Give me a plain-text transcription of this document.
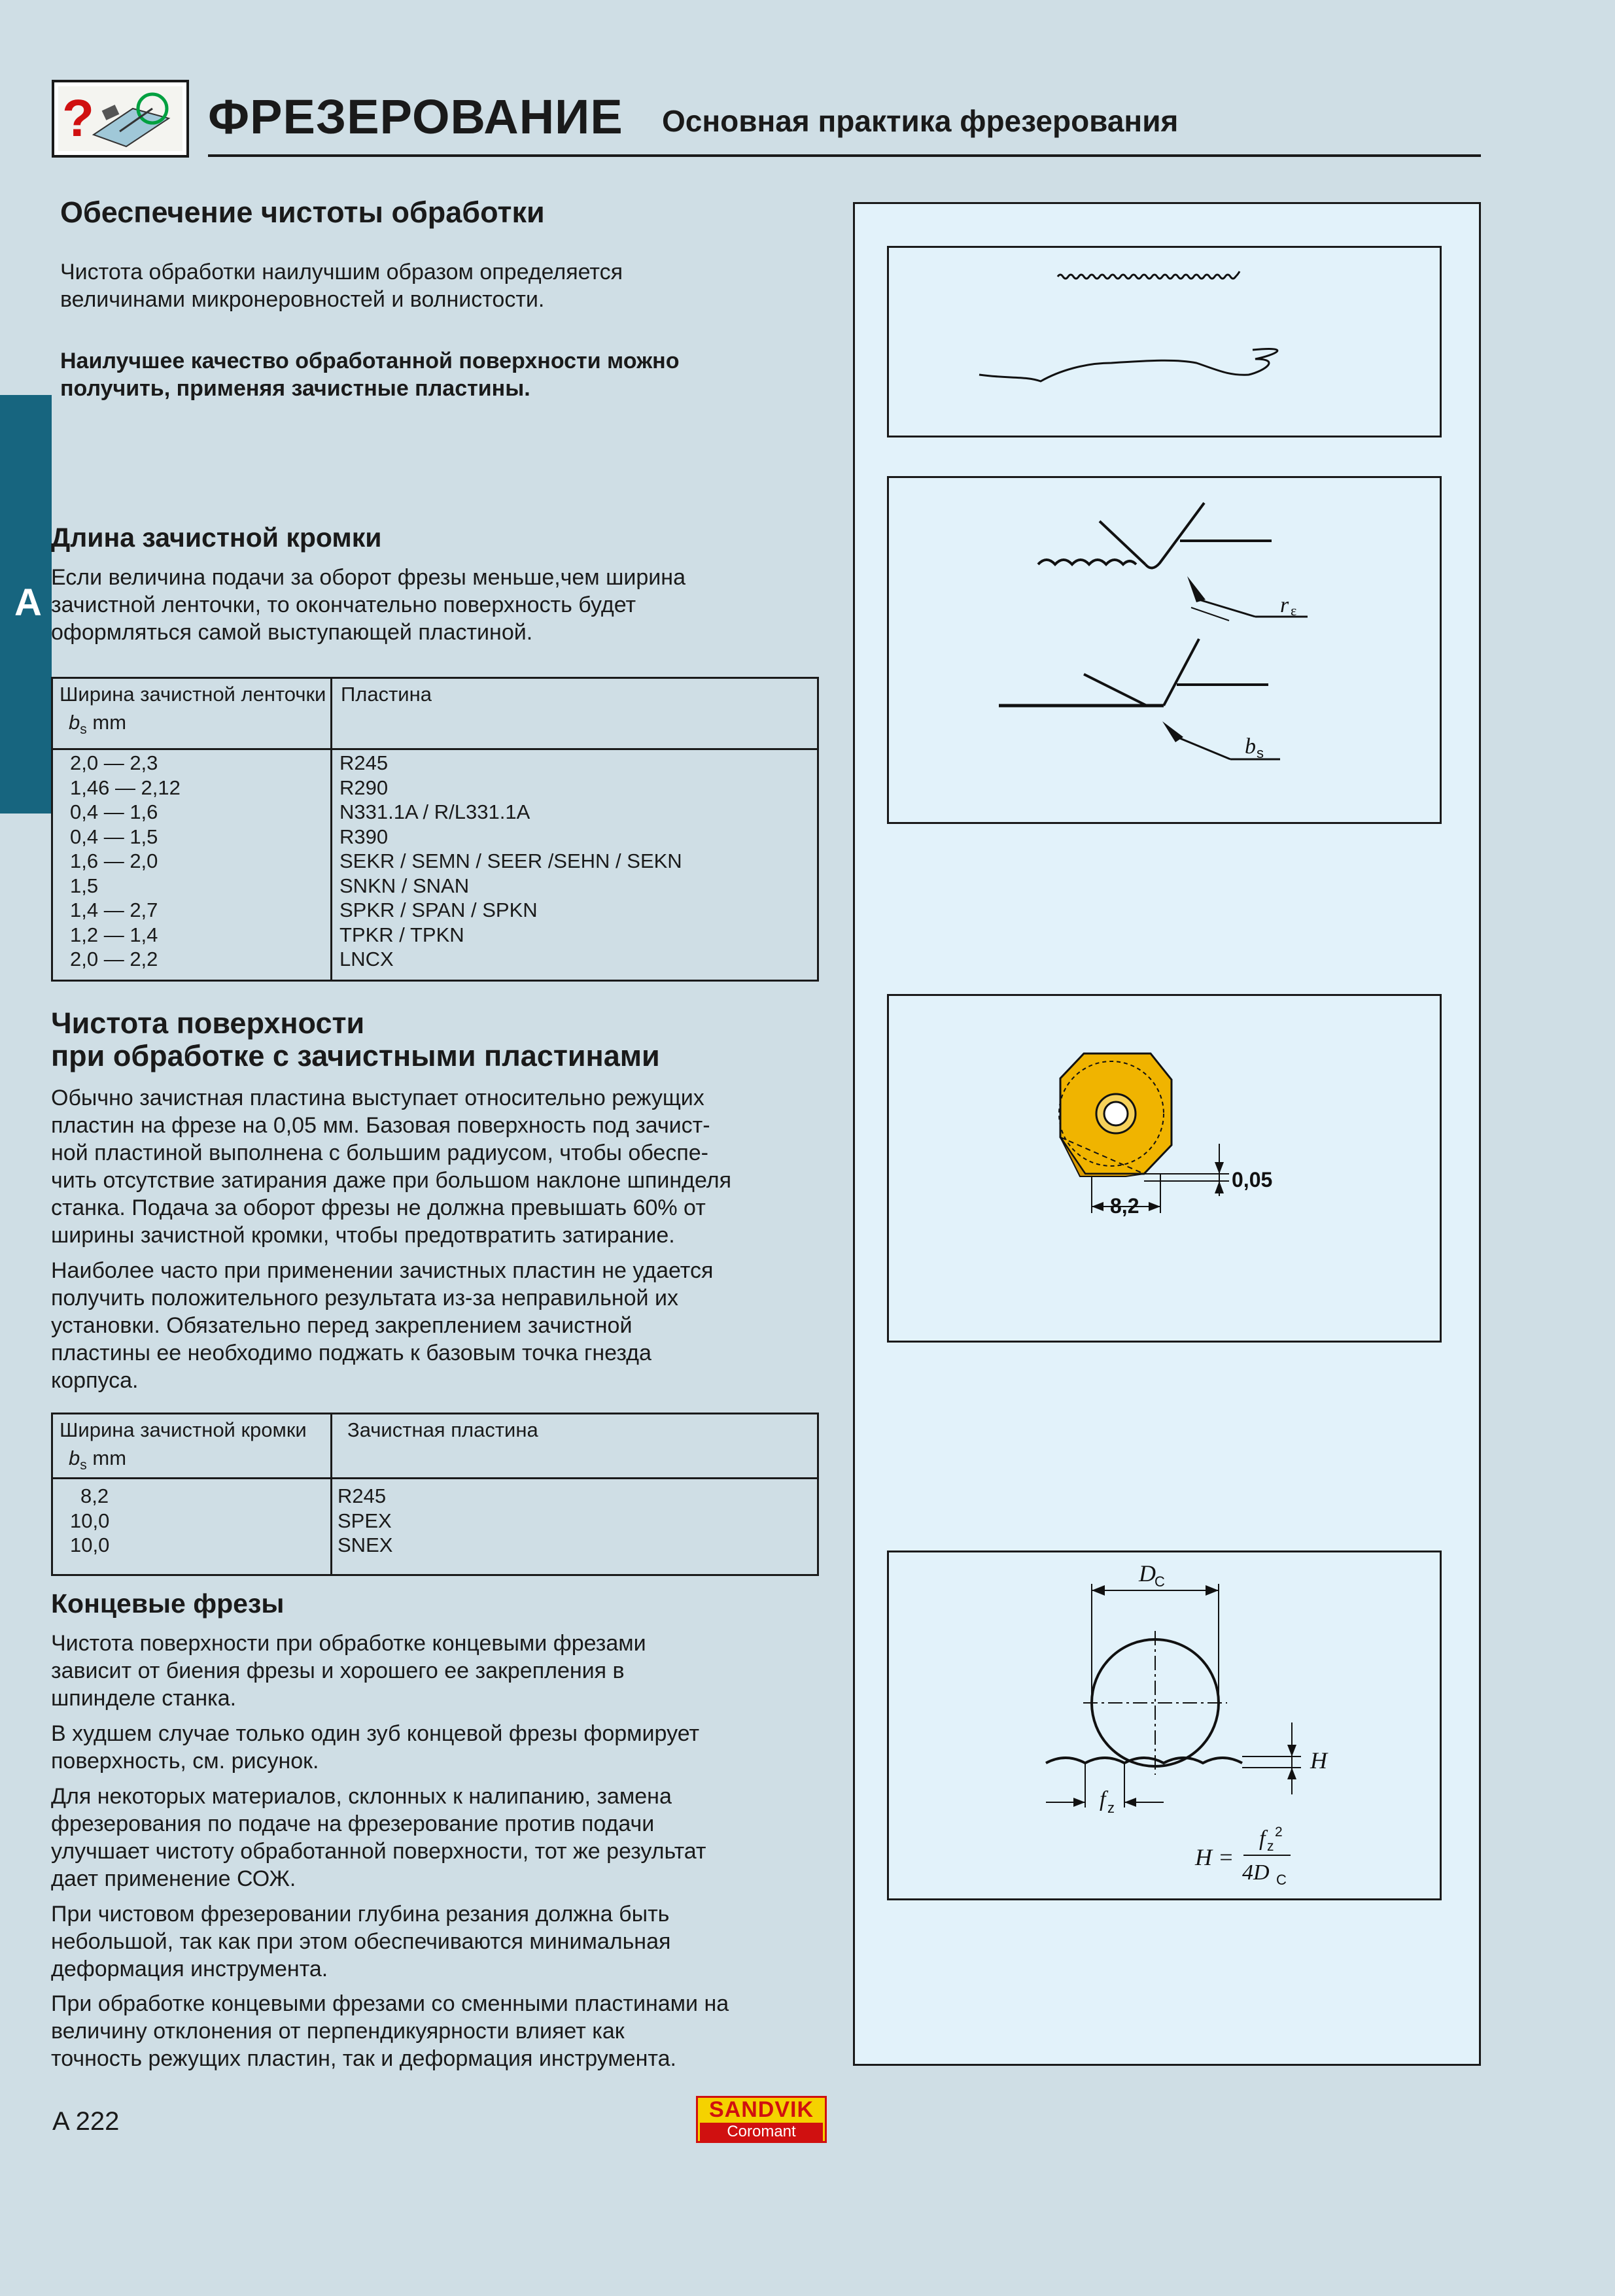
? ФРЕЗЕРОВАНИЕ Основная практика фрезерования
A
Обеспечение чистоты обработки
Чистота обработки наилучшим образом определяется
величинами микронеровностей и волнистости.
Наилучшее качество обработанной поверхности можно
получить, применяя зачистные пластины.
Длина зачистной кромки
Если величина подачи за оборот фрезы меньше,чем ширина
зачистной ленточки, то окончательно поверхность будет
оформляться самой выступающей пластиной.
Ширина зачистной ленточки
$b_s$ mm
Пластина
2,0 — 2,3
1,46 — 2,12
0,4 — 1,6
0,4 — 1,5
1,6 — 2,0
1,5
1,4 — 2,7
1,2 — 1,4
2,0 — 2,2
R245
R290
N331.1A / R/L331.1A
R390
SEKR / SEMN / SEER /SEHN / SEKN
SNKN / SNAN
SPKR / SPAN / SPKN
TPKR / TPKN
LNCX
Чистота поверхности
при обработке с зачистными пластинами
Обычно зачистная пластина выступает относительно режущих
пластин на фрезе на 0,05 мм. Базовая поверхность под зачист-
ной пластиной выполнена с большим радиусом, чтобы обеспе-
чить отсутствие затирания даже при большом наклоне шпинделя
станка. Подача за оборот фрезы не должна превышать 60% от
ширины зачистной кромки, чтобы предотвратить затирание.
Наиболее часто при применении зачистных пластин не удается
получить положительного результата из-за неправильной их
установки. Обязательно перед закреплением зачистной
пластины ее необходимо поджать к базовым точка гнезда
корпуса.
Ширина зачистной кромки
$b_s$ mm
Зачистная пластина
8,2
10,0
10,0
R245
SPEX
SNEX
Концевые фрезы
Чистота поверхности при обработке концевыми фрезами
зависит от биения фрезы и хорошего ее закрепления в
шпинделе станка.
В худшем случае только один зуб концевой фрезы формирует
поверхность, см. рисунок.
Для некоторых материалов, склонных к налипанию, замена
фрезерования по подаче на фрезерование против подачи
улучшает чистоту обработанной поверхности, тот же результат
дает применение СОЖ.
При чистовом фрезеровании глубина резания должна быть
небольшой, так как при этом обеспечиваются минимальная
деформация инструмента.
При обработке концевыми фрезами со сменными пластинами на
величину отклонения от перпендикуярности влияет как
точность режущих пластин, так и деформация инструмента.
r ε
b s
0,05
8,2
D
C
H
f z
H =
f z
2
4D C
A 222	SANDVIK
Coromant
